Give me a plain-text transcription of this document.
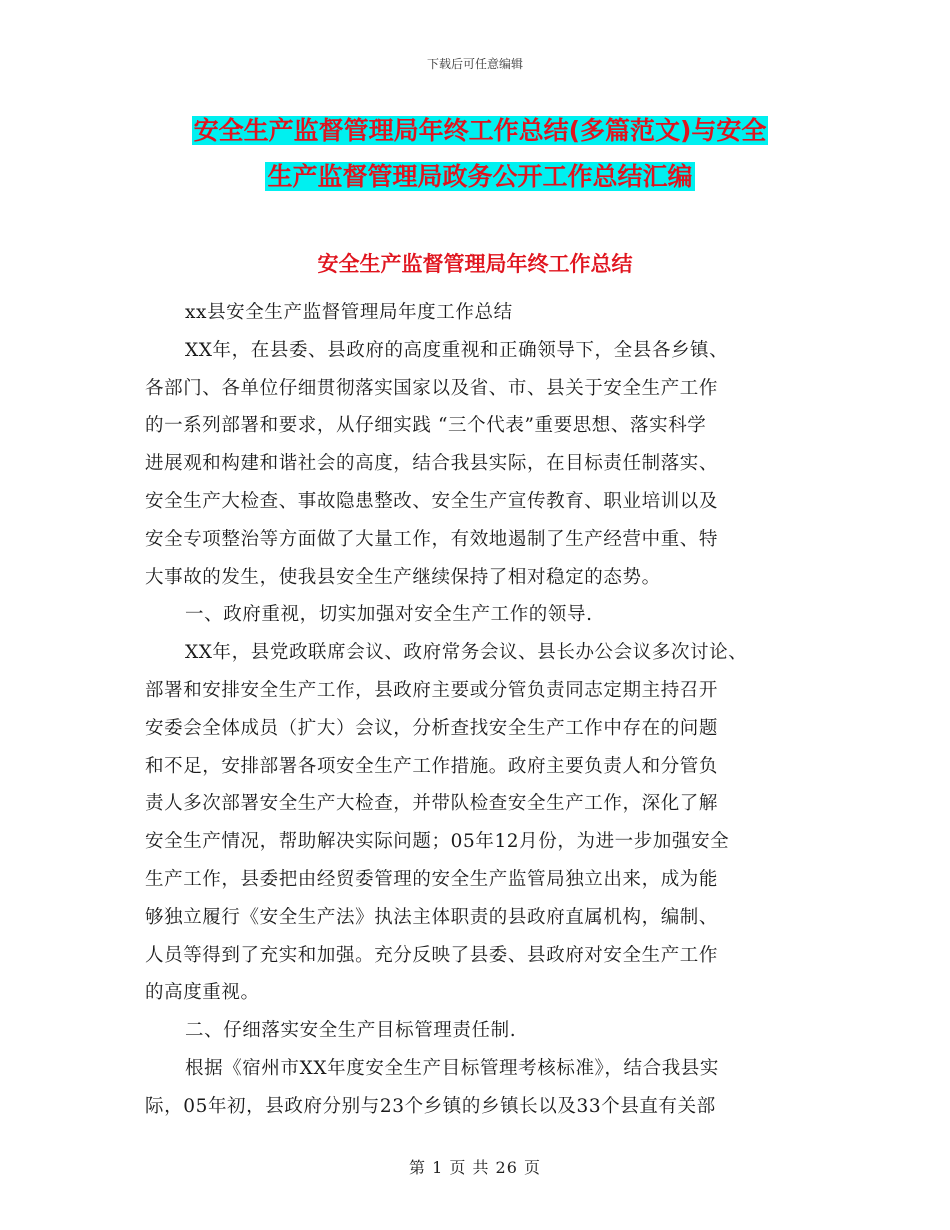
下载后可任意编辑
安全生产监督管理局年终工作总结(多篇范文)与安全
生产监督管理局政务公开工作总结汇编
安全生产监督管理局年终工作总结
xx县安全生产监督管理局年度工作总结
XX年，在县委、县政府的高度重视和正确领导下，全县各乡镇、
各部门、各单位仔细贯彻落实国家以及省、市、县关于安全生产工作
的一系列部署和要求，从仔细实践 “三个代表”重要思想、落实科学
进展观和构建和谐社会的高度，结合我县实际，在目标责任制落实、
安全生产大检查、事故隐患整改、安全生产宣传教育、职业培训以及
安全专项整治等方面做了大量工作，有效地遏制了生产经营中重、特
大事故的发生，使我县安全生产继续保持了相对稳定的态势。
一、政府重视，切实加强对安全生产工作的领导.
XX年，县党政联席会议、政府常务会议、县长办公会议多次讨论、
部署和安排安全生产工作，县政府主要或分管负责同志定期主持召开
安委会全体成员（扩大）会议，分析查找安全生产工作中存在的问题
和不足，安排部署各项安全生产工作措施。政府主要负责人和分管负
责人多次部署安全生产大检查，并带队检查安全生产工作，深化了解
安全生产情况，帮助解决实际问题；05年12月份，为进一步加强安全
生产工作，县委把由经贸委管理的安全生产监管局独立出来，成为能
够独立履行《安全生产法》执法主体职责的县政府直属机构，编制、
人员等得到了充实和加强。充分反映了县委、县政府对安全生产工作
的高度重视。
二、仔细落实安全生产目标管理责任制.
根据《宿州市XX年度安全生产目标管理考核标准》，结合我县实
际，05年初，县政府分别与23个乡镇的乡镇长以及33个县直有关部
第 1 页 共 26 页
